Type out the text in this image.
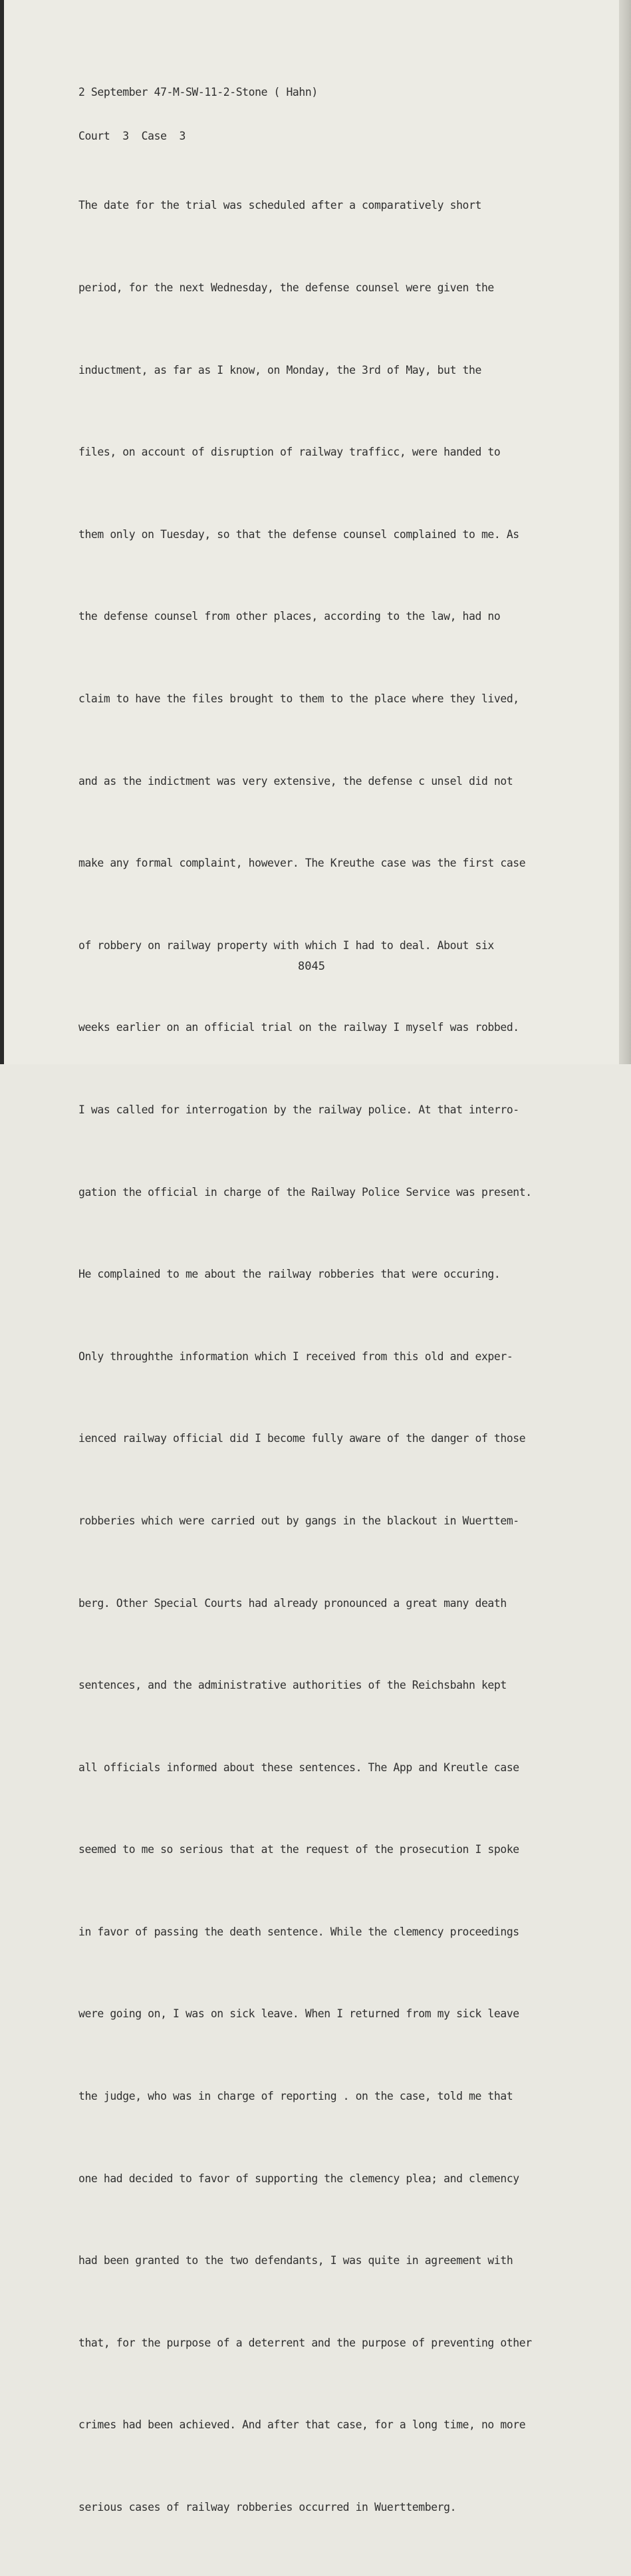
2 September 47-M-SW-11-2-Stone ( Hahn)

Court  3  Case  3

The date for the trial was scheduled after a comparatively short

period, for the next Wednesday, the defense counsel were given the

inductment, as far as I know, on Monday, the 3rd of May, but the

files, on account of disruption of railway trafficc, were handed to

them only on Tuesday, so that the defense counsel complained to me. As

the defense counsel from other places, according to the law, had no

claim to have the files brought to them to the place where they lived,

and as the indictment was very extensive, the defense c unsel did not

make any formal complaint, however. The Kreuthe case was the first case

of robbery on railway property with which I had to deal. About six

weeks earlier on an official trial on the railway I myself was robbed.

I was called for interrogation by the railway police. At that interro-

gation the official in charge of the Railway Police Service was present.

He complained to me about the railway robberies that were occuring.

Only throughthe information which I received from this old and exper-

ienced railway official did I become fully aware of the danger of those

robberies which were carried out by gangs in the blackout in Wuerttem-

berg. Other Special Courts had already pronounced a great many death

sentences, and the administrative authorities of the Reichsbahn kept

all officials informed about these sentences. The App and Kreutle case

seemed to me so serious that at the request of the prosecution I spoke

in favor of passing the death sentence. While the clemency proceedings

were going on, I was on sick leave. When I returned from my sick leave

the judge, who was in charge of reporting . on the case, told me that

one had decided to favor of supporting the clemency plea; and clemency

had been granted to the two defendants, I was quite in agreement with

that, for the purpose of a deterrent and the purpose of preventing other

crimes had been achieved. And after that case, for a long time, no more

serious cases of railway robberies occurred in Wuerttemberg.

8045
